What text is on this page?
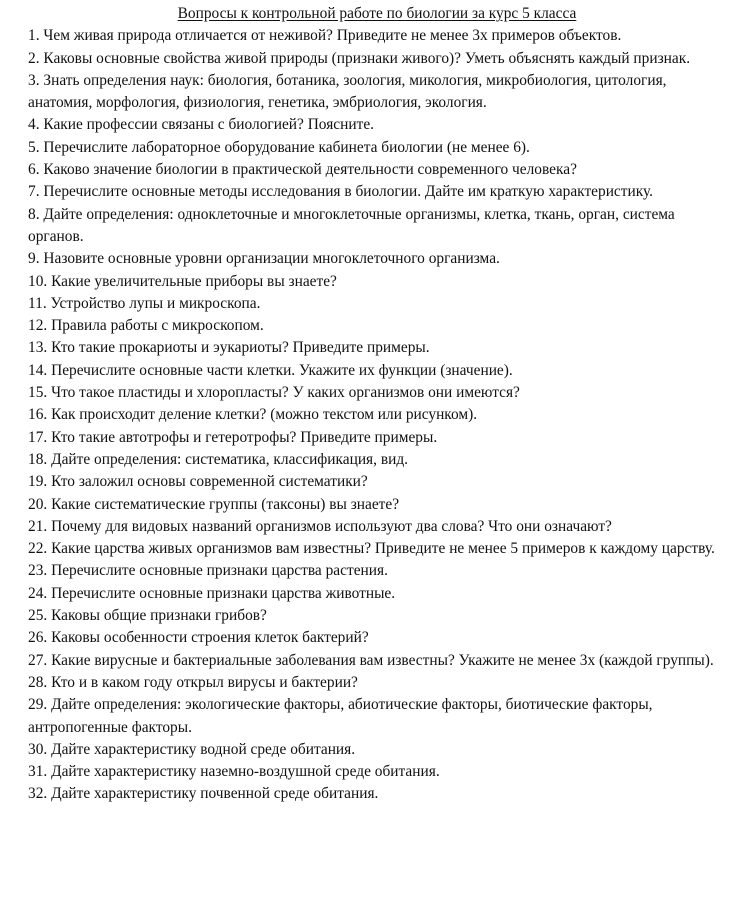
Вопросы к контрольной работе по биологии за курс 5 класса
1. Чем живая природа отличается от неживой? Приведите не менее 3х примеров объектов.
2. Каковы основные свойства живой природы (признаки живого)? Уметь объяснять каждый признак.
3. Знать определения наук: биология, ботаника, зоология, микология, микробиология, цитология, анатомия, морфология, физиология, генетика, эмбриология, экология.
4. Какие профессии связаны с биологией? Поясните.
5. Перечислите лабораторное оборудование кабинета биологии (не менее 6).
6. Каково значение биологии в практической деятельности современного человека?
7. Перечислите основные методы исследования в биологии. Дайте им краткую характеристику.
8. Дайте определения: одноклеточные и многоклеточные организмы, клетка, ткань, орган, система органов.
9. Назовите основные уровни организации многоклеточного организма.
10. Какие увеличительные приборы вы знаете?
11. Устройство лупы и микроскопа.
12. Правила работы с микроскопом.
13. Кто такие прокариоты и эукариоты? Приведите примеры.
14. Перечислите основные части клетки. Укажите их функции (значение).
15. Что такое пластиды и хлоропласты? У каких организмов они имеются?
16. Как происходит деление клетки? (можно текстом или рисунком).
17. Кто такие автотрофы и гетеротрофы? Приведите примеры.
18. Дайте определения: систематика, классификация, вид.
19. Кто заложил основы современной систематики?
20. Какие систематические группы (таксоны) вы знаете?
21. Почему для видовых названий организмов используют два слова? Что они означают?
22. Какие царства живых организмов вам известны? Приведите не менее 5 примеров к каждому царству.
23. Перечислите основные признаки царства растения.
24. Перечислите основные признаки царства животные.
25. Каковы общие признаки грибов?
26. Каковы особенности строения клеток бактерий?
27. Какие вирусные и бактериальные заболевания вам известны? Укажите не менее 3х (каждой группы).
28. Кто и в каком году открыл вирусы и бактерии?
29. Дайте определения: экологические факторы, абиотические факторы, биотические факторы, антропогенные факторы.
30. Дайте характеристику водной среде обитания.
31. Дайте характеристику наземно-воздушной среде обитания.
32. Дайте характеристику почвенной среде обитания.
